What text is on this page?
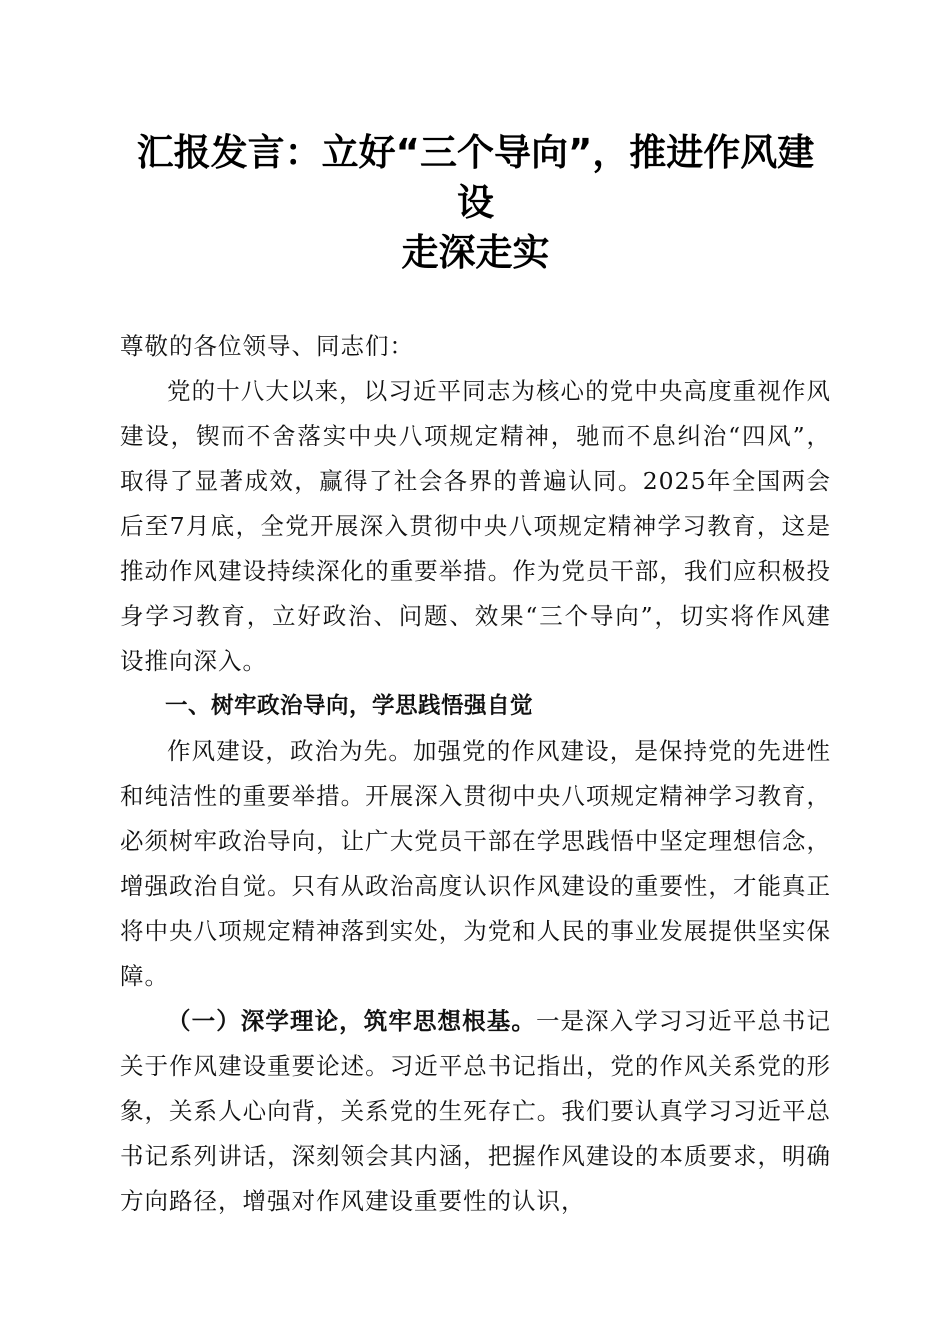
汇报发言：立好“三个导向”，推进作风建设
走深走实

尊敬的各位领导、同志们：

党的十八大以来，以习近平同志为核心的党中央高度重视作风建设，锲而不舍落实中央八项规定精神，驰而不息纠治“四风”，取得了显著成效，赢得了社会各界的普遍认同。2025年全国两会后至7月底，全党开展深入贯彻中央八项规定精神学习教育，这是推动作风建设持续深化的重要举措。作为党员干部，我们应积极投身学习教育，立好政治、问题、效果“三个导向”，切实将作风建设推向深入。

一、树牢政治导向，学思践悟强自觉

作风建设，政治为先。加强党的作风建设，是保持党的先进性和纯洁性的重要举措。开展深入贯彻中央八项规定精神学习教育，必须树牢政治导向，让广大党员干部在学思践悟中坚定理想信念，增强政治自觉。只有从政治高度认识作风建设的重要性，才能真正将中央八项规定精神落到实处，为党和人民的事业发展提供坚实保障。

（一）深学理论，筑牢思想根基。一是深入学习习近平总书记关于作风建设重要论述。习近平总书记指出，党的作风关系党的形象，关系人心向背，关系党的生死存亡。我们要认真学习习近平总书记系列讲话，深刻领会其内涵，把握作风建设的本质要求，明确方向路径，增强对作风建设重要性的认识，
